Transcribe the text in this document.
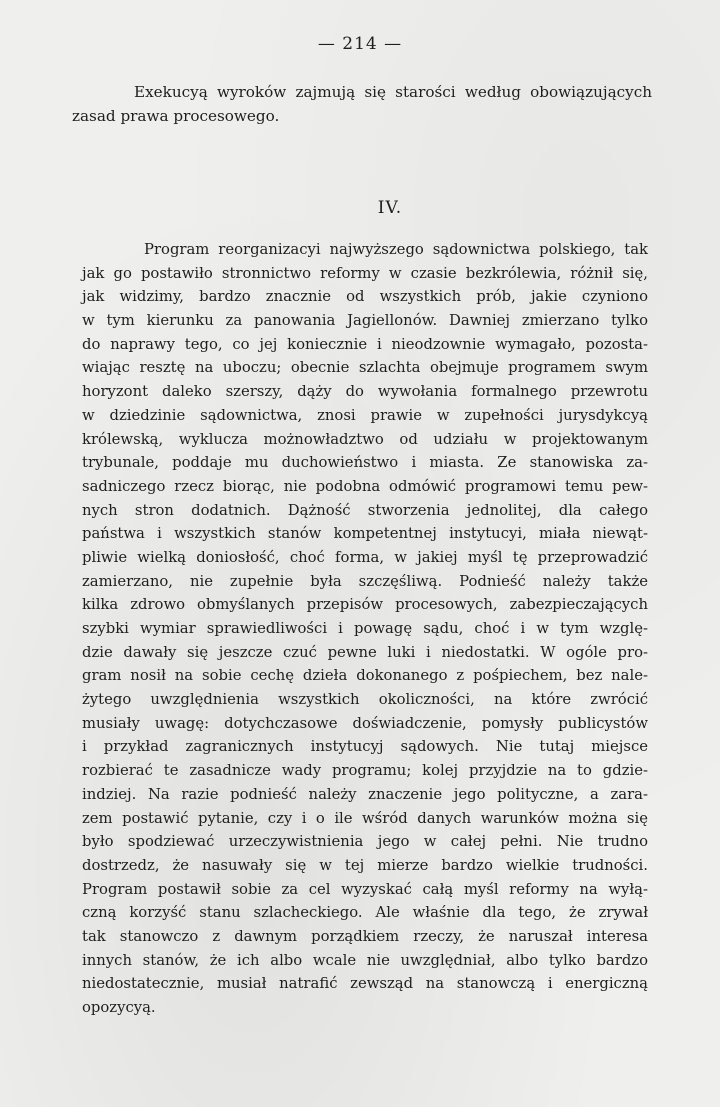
— 214 —
Exekucyą wyroków zajmują się starości według obowiązujących
zasad prawa procesowego.
IV.
Program reorganizacyi najwyższego sądownictwa polskiego, tak
jak go postawiło stronnictwo reformy w czasie bezkrólewia, różnił się,
jak widzimy, bardzo znacznie od wszystkich prób, jakie czyniono
w tym kierunku za panowania Jagiellonów. Dawniej zmierzano tylko
do naprawy tego, co jej koniecznie i nieodzownie wymagało, pozosta-
wiając resztę na uboczu; obecnie szlachta obejmuje programem swym
horyzont daleko szerszy, dąży do wywołania formalnego przewrotu
w dziedzinie sądownictwa, znosi prawie w zupełności jurysdykcyą
królewską, wyklucza możnowładztwo od udziału w projektowanym
trybunale, poddaje mu duchowieństwo i miasta. Ze stanowiska za-
sadniczego rzecz biorąc, nie podobna odmówić programowi temu pew-
nych stron dodatnich. Dążność stworzenia jednolitej, dla całego
państwa i wszystkich stanów kompetentnej instytucyi, miała niewąt-
pliwie wielką doniosłość, choć forma, w jakiej myśl tę przeprowadzić
zamierzano, nie zupełnie była szczęśliwą. Podnieść należy także
kilka zdrowo obmyślanych przepisów procesowych, zabezpieczających
szybki wymiar sprawiedliwości i powagę sądu, choć i w tym wzglę-
dzie dawały się jeszcze czuć pewne luki i niedostatki. W ogóle pro-
gram nosił na sobie cechę dzieła dokonanego z pośpiechem, bez nale-
żytego uwzględnienia wszystkich okoliczności, na które zwrócić
musiały uwagę: dotychczasowe doświadczenie, pomysły publicystów
i przykład zagranicznych instytucyj sądowych. Nie tutaj miejsce
rozbierać te zasadnicze wady programu; kolej przyjdzie na to gdzie-
indziej. Na razie podnieść należy znaczenie jego polityczne, a zara-
zem postawić pytanie, czy i o ile wśród danych warunków można się
było spodziewać urzeczywistnienia jego w całej pełni. Nie trudno
dostrzedz, że nasuwały się w tej mierze bardzo wielkie trudności.
Program postawił sobie za cel wyzyskać całą myśl reformy na wyłą-
czną korzyść stanu szlacheckiego. Ale właśnie dla tego, że zrywał
tak stanowczo z dawnym porządkiem rzeczy, że naruszał interesa
innych stanów, że ich albo wcale nie uwzględniał, albo tylko bardzo
niedostatecznie, musiał natrafić zewsząd na stanowczą i energiczną
opozycyą.
